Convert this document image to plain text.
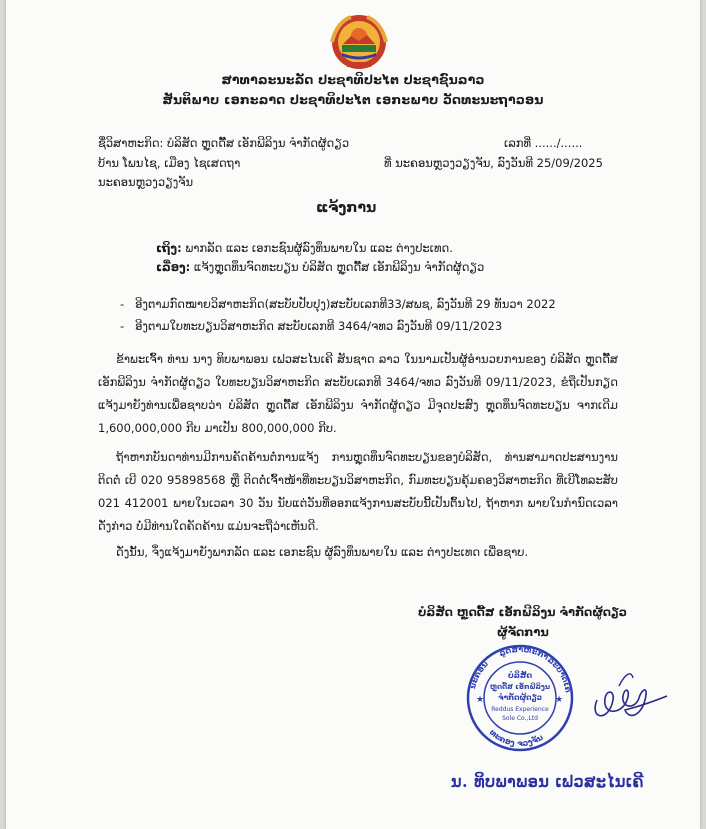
ສາທາລະນະລັດ ປະຊາທິປະໄຕ ປະຊາຊົນລາວ
ສັນຕິພາບ ເອກະລາດ ປະຊາທິປະໄຕ ເອກະພາບ ວັດທະນະຖາວອນ
ຊື່ວິສາຫະກິດ: ບໍລິສັດ ຫຼູດດັ໊ສ ເອັກພີລິງນ ຈຳກັດຜູ້ດຽວ	ເລກທີ່ ....../......
ບ້ານ ໂພນໄຊ, ເມືອງ ໄຊເສດຖາ	ທີ່ ນະຄອນຫຼວງວຽງຈັນ, ລົງວັນທີ 25/09/2025
ນະຄອນຫຼວງວຽງຈັນ
ແຈ້ງການ
ເຖິງ: ພາກລັດ ແລະ ເອກະຊົນຜູ້ລົງທຶນພາຍໃນ ແລະ ຕ່າງປະເທດ.
ເລື່ອງ: ແຈ້ງຫຼຸດທຶນຈົດທະບຽນ ບໍລິສັດ ຫຼູດດັ໊ສ ເອັກພີລິງນ ຈຳກັດຜູ້ດຽວ
-   ອີງຕາມກົດໝາຍວິສາຫະກິດ(ສະບັບປັບປຸງ)ສະບັບເລກທີ33/ສພຊ, ລົງວັນທີ 29 ທັນວາ 2022
-   ອີງຕາມໃບທະບຽນວິສາຫະກິດ ສະບັບເລກທີ 3464/ຈທວ ລົງວັນທີ 09/11/2023
ຂ້າພະເຈົ້າ ທ່ານ ນາງ ທິບພາພອນ ເຟວສະໄນເຄີ ສັນຊາດ ລາວ ໃນນາມເປັນຜູ້ອຳນວຍການຂອງ ບໍລິສັດ ຫຼູດດັ໊ສ ເອັກພີລິງນ ຈຳກັດຜູ້ດຽວ ໃບທະບຽນວິສາຫະກິດ ສະບັບເລກທີ 3464/ຈທວ ລົງວັນທີ 09/11/2023, ຂໍຖືເປັນກຽດ ແຈ້ງມາຍັງທ່ານເພື່ອຊາບວ່າ ບໍລິສັດ ຫຼູດດັ໊ສ ເອັກພີລິງນ ຈຳກັດຜູ້ດຽວ ມີຈຸດປະສົງ ຫຼຸດທຶນຈົດທະບຽນ ຈາກເດີມ 1,600,000,000 ກີບ ມາເປັນ 800,000,000 ກີບ.
ຖ້າຫາກບັນດາທ່ານມີການຄັດຄ້ານຕໍ່ການແຈ້ງ ການຫຼຸດທຶນຈົດທະບຽນຂອງບໍລິສັດ, ທ່ານສາມາດປະສານງານຕິດຕໍ່ ເບີ 020 95898568 ຫຼື ຕິດຕໍ່ເຈົ້າໜ້າທີ່ທະບຽນວິສາຫະກິດ, ກົມທະບຽນຄຸ້ມຄອງວິສາຫະກິດ ທີ່ເບີໂທລະສັບ 021 412001 ພາຍໃນເວລາ 30 ວັນ ນັບແຕ່ວັນທີ່ອອກແຈ້ງການສະບັບນີ້ເປັນຕົ້ນໄປ, ຖ້າຫາກ ພາຍໃນກຳນົດເວລາດັ່ງກ່າວ ບໍ່ມີທ່ານໃດຄັດຄ້ານ ແມ່ນຈະຖືວ່າເຫັນດີ.
ດັ່ງນັ້ນ, ຈຶ່ງແຈ້ງມາຍັງພາກລັດ ແລະ ເອກະຊົນ ຜູ້ລົງທຶນພາຍໃນ ແລະ ຕ່າງປະເທດ ເພື່ອຊາບ.
ບໍລິສັດ ຫຼູດດັ໊ສ ເອັກພີລິງນ ຈຳກັດຜູ້ດຽວ
ຜູ້ຈັດການ
ນະຄອນ
ລູດສາຫະກຳ
ລະບາດເຄ
ທະຄອງ ຈວງຈັນ
ບໍລິສັດ
ຫຼູດດັ໊ສ ເອັກພີລິງນ
ຈຳກັດຜູ້ດຽວ
Reddus Experience
Sole Co.,Ltd
★	★
ນ. ທິບພາພອນ ເຟວສະໄນເຄີ
